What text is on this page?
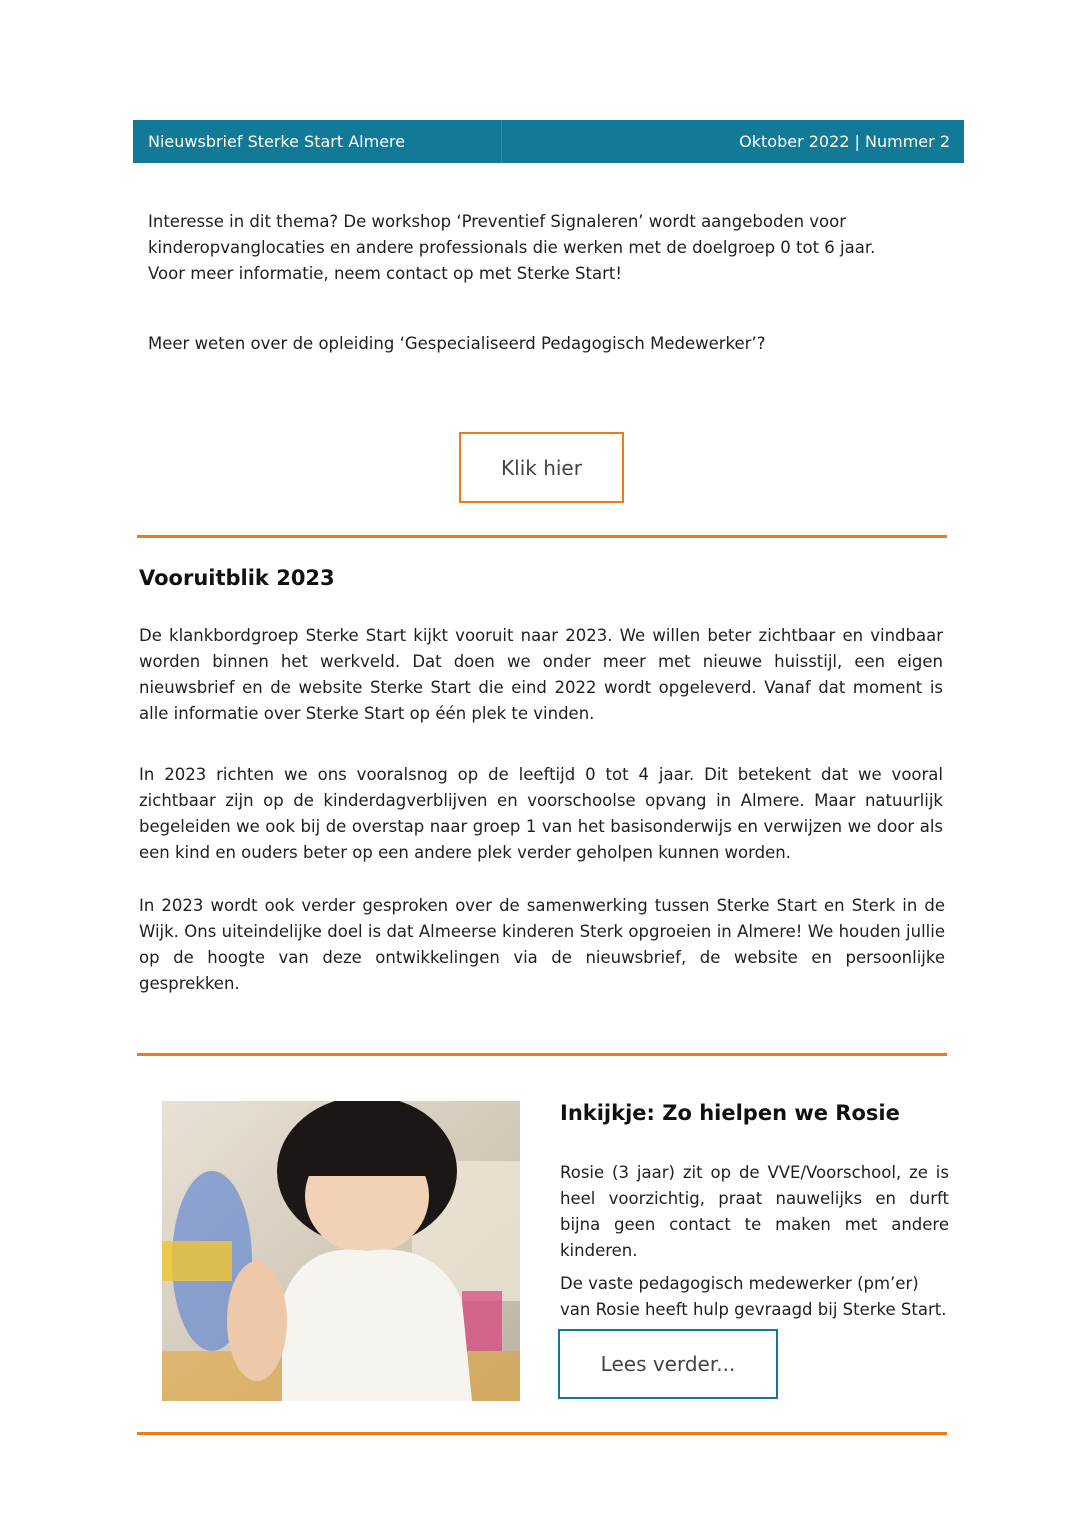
Nieuwsbrief Sterke Start Almere	Oktober 2022 | Nummer 2

Interesse in dit thema? De workshop ‘Preventief Signaleren’ wordt aangeboden voor kinderopvanglocaties en andere professionals die werken met de doelgroep 0 tot 6 jaar. Voor meer informatie, neem contact op met Sterke Start!

Meer weten over de opleiding ‘Gespecialiseerd Pedagogisch Medewerker’?

Klik hier
Vooruitblik 2023

De klankbordgroep Sterke Start kijkt vooruit naar 2023. We willen beter zichtbaar en vindbaar worden binnen het werkveld. Dat doen we onder meer met nieuwe huisstijl, een eigen nieuwsbrief en de website Sterke Start die eind 2022 wordt opgeleverd. Vanaf dat moment is alle informatie over Sterke Start op één plek te vinden.

In 2023 richten we ons vooralsnog op de leeftijd 0 tot 4 jaar. Dit betekent dat we vooral zichtbaar zijn op de kinderdagverblijven en voorschoolse opvang in Almere. Maar natuurlijk begeleiden we ook bij de overstap naar groep 1 van het basisonderwijs en verwijzen we door als een kind en ouders beter op een andere plek verder geholpen kunnen worden.

In 2023 wordt ook verder gesproken over de samenwerking tussen Sterke Start en Sterk in de Wijk. Ons uiteindelijke doel is dat Almeerse kinderen Sterk opgroeien in Almere! We houden jullie op de hoogte van deze ontwikkelingen via de nieuwsbrief, de website en persoonlijke gesprekken.

Inkijkje: Zo hielpen we Rosie

Rosie (3 jaar) zit op de VVE/Voorschool, ze is heel voorzichtig, praat nauwelijks en durft bijna geen contact te maken met andere kinderen.

De vaste pedagogisch medewerker (pm’er) van Rosie heeft hulp gevraagd bij Sterke Start.

Lees verder...
